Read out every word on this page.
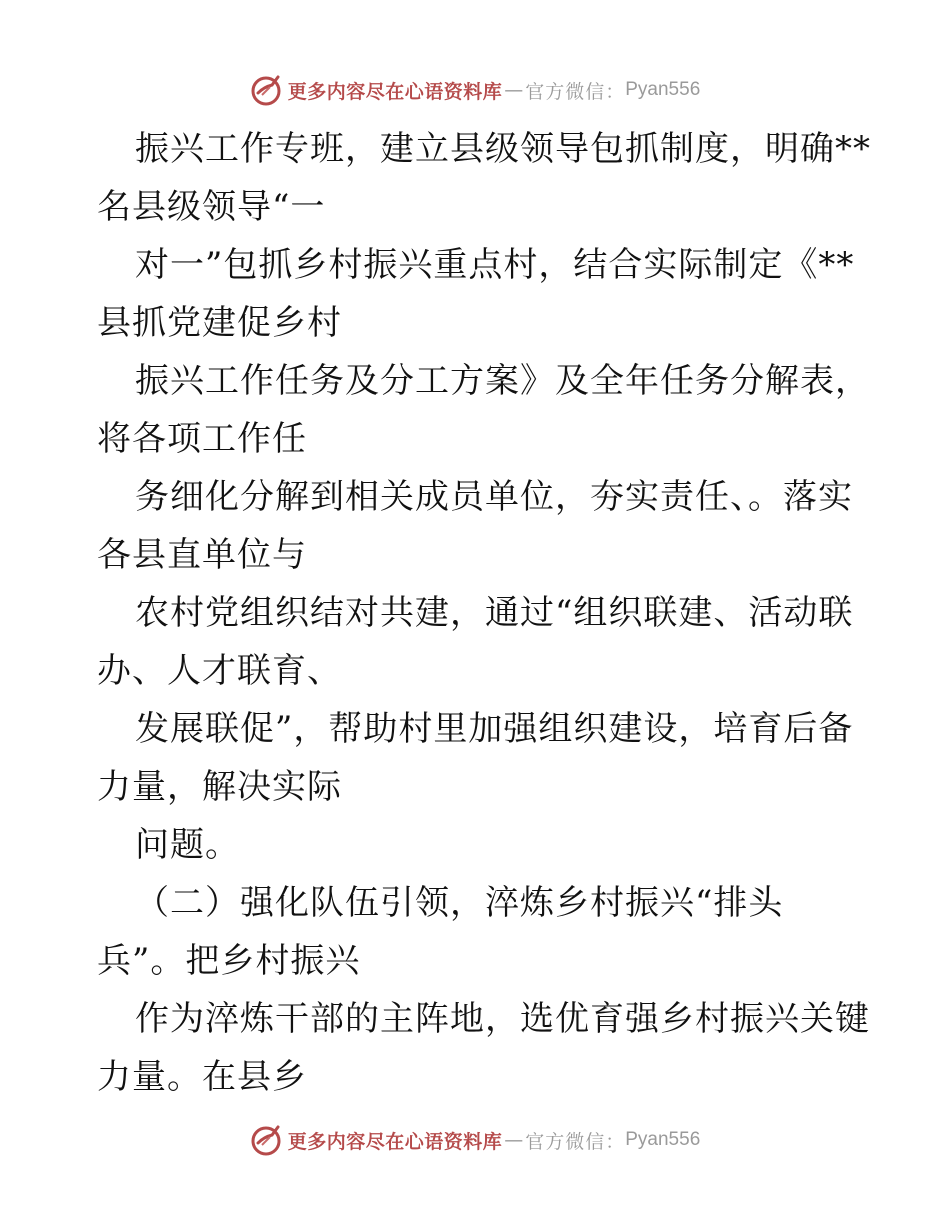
更多内容尽在心语资料库 — 官方微信： Pyan556
振兴工作专班，建立县级领导包抓制度，明确**
名县级领导“一
对一”包抓乡村振兴重点村，结合实际制定《**
县抓党建促乡村
振兴工作任务及分工方案》及全年任务分解表，
将各项工作任
务细化分解到相关成员单位，夯实责任、。落实
各县直单位与
农村党组织结对共建，通过“组织联建、活动联
办、人才联育、
发展联促”，帮助村里加强组织建设，培育后备
力量，解决实际
问题。
（二）强化队伍引领，淬炼乡村振兴“排头
兵”。把乡村振兴
作为淬炼干部的主阵地，选优育强乡村振兴关键
力量。在县乡
更多内容尽在心语资料库 — 官方微信： Pyan556
